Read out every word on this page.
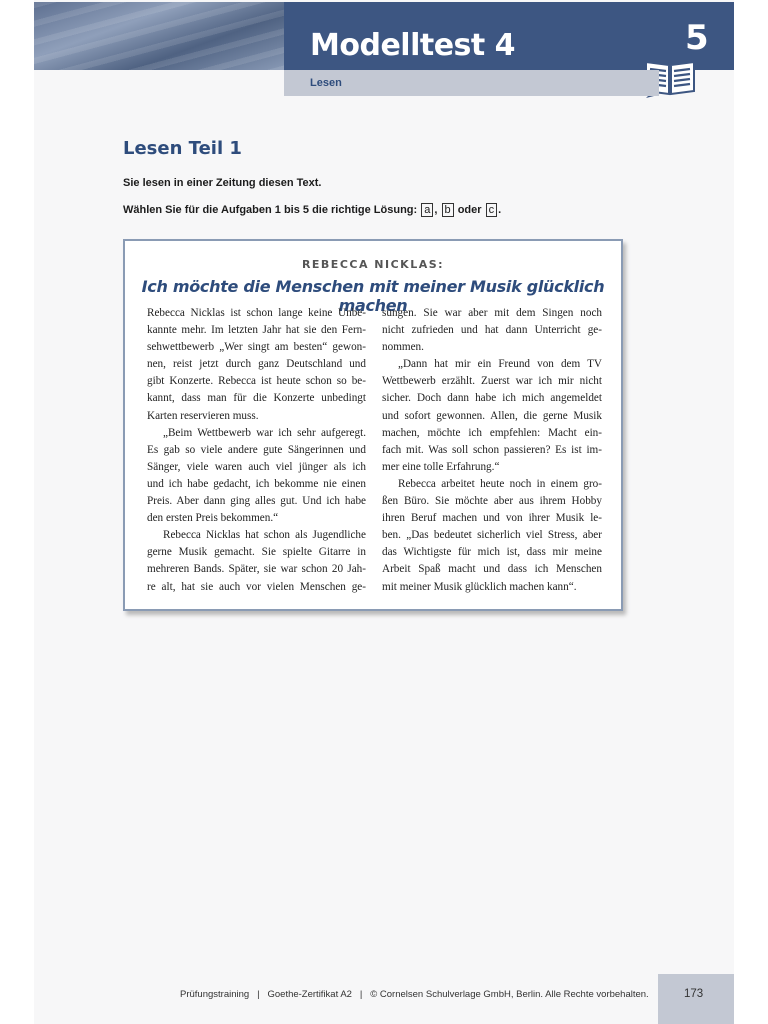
Modelltest 4	5
Lesen
Lesen Teil 1
Sie lesen in einer Zeitung diesen Text.
Wählen Sie für die Aufgaben 1 bis 5 die richtige Lösung: a , b oder c .
REBECCA NICKLAS:
Ich möchte die Menschen mit meiner Musik glücklich machen
Rebecca Nicklas ist schon lange keine Unbe-
kannte mehr. Im letzten Jahr hat sie den Fern-
sehwettbewerb „Wer singt am besten“ gewon-
nen, reist jetzt durch ganz Deutschland und
gibt Konzerte. Rebecca ist heute schon so be-
kannt, dass man für die Konzerte unbedingt
Karten reservieren muss.
„Beim Wettbewerb war ich sehr aufgeregt.
Es gab so viele andere gute Sängerinnen und
Sänger, viele waren auch viel jünger als ich
und ich habe gedacht, ich bekomme nie einen
Preis. Aber dann ging alles gut. Und ich habe
den ersten Preis bekommen.“
Rebecca Nicklas hat schon als Jugendliche
gerne Musik gemacht. Sie spielte Gitarre in
mehreren Bands. Später, sie war schon 20 Jah-
re alt, hat sie auch vor vielen Menschen ge-
sungen. Sie war aber mit dem Singen noch
nicht zufrieden und hat dann Unterricht ge-
nommen.
„Dann hat mir ein Freund von dem TV
Wettbewerb erzählt. Zuerst war ich mir nicht
sicher. Doch dann habe ich mich angemeldet
und sofort gewonnen. Allen, die gerne Musik
machen, möchte ich empfehlen: Macht ein-
fach mit. Was soll schon passieren? Es ist im-
mer eine tolle Erfahrung.“
Rebecca arbeitet heute noch in einem gro-
ßen Büro. Sie möchte aber aus ihrem Hobby
ihren Beruf machen und von ihrer Musik le-
ben. „Das bedeutet sicherlich viel Stress, aber
das Wichtigste für mich ist, dass mir meine
Arbeit Spaß macht und dass ich Menschen
mit meiner Musik glücklich machen kann“.
Prüfungstraining   |   Goethe-Zertifikat A2   |   © Cornelsen Schulverlage GmbH, Berlin. Alle Rechte vorbehalten.	173
